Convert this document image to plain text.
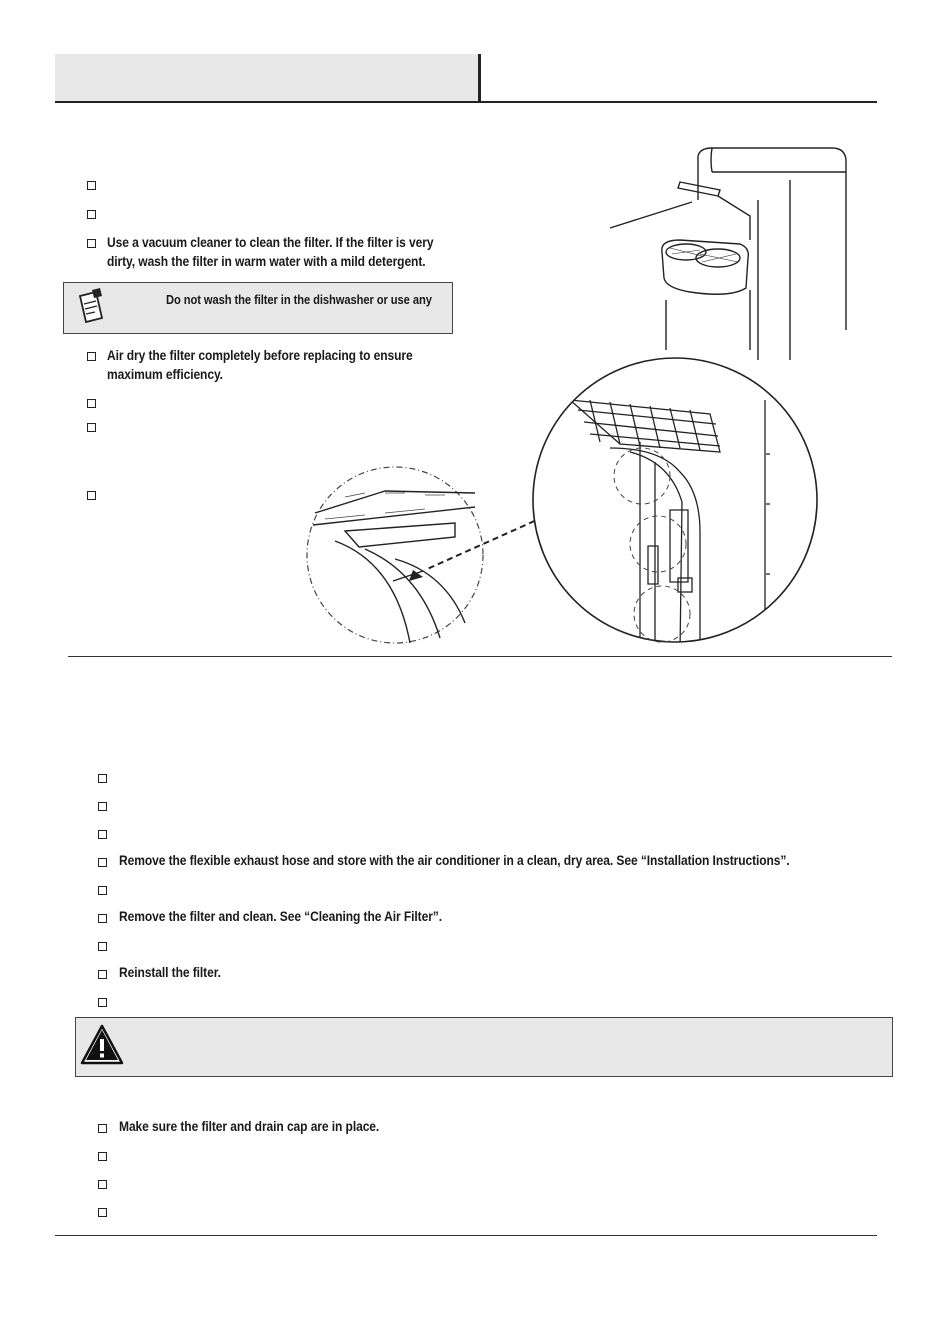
Use a vacuum cleaner to clean the filter. If the filter is very
dirty, wash the filter in warm water with a mild detergent.
Do not wash the filter in the dishwasher or use any
Air dry the filter completely before replacing to ensure
maximum efficiency.
Remove the flexible exhaust hose and store with the air conditioner in a clean, dry area. See “Installation Instructions”.
Remove the filter and clean. See “Cleaning the Air Filter”.
Reinstall the filter.
Make sure the filter and drain cap are in place.
